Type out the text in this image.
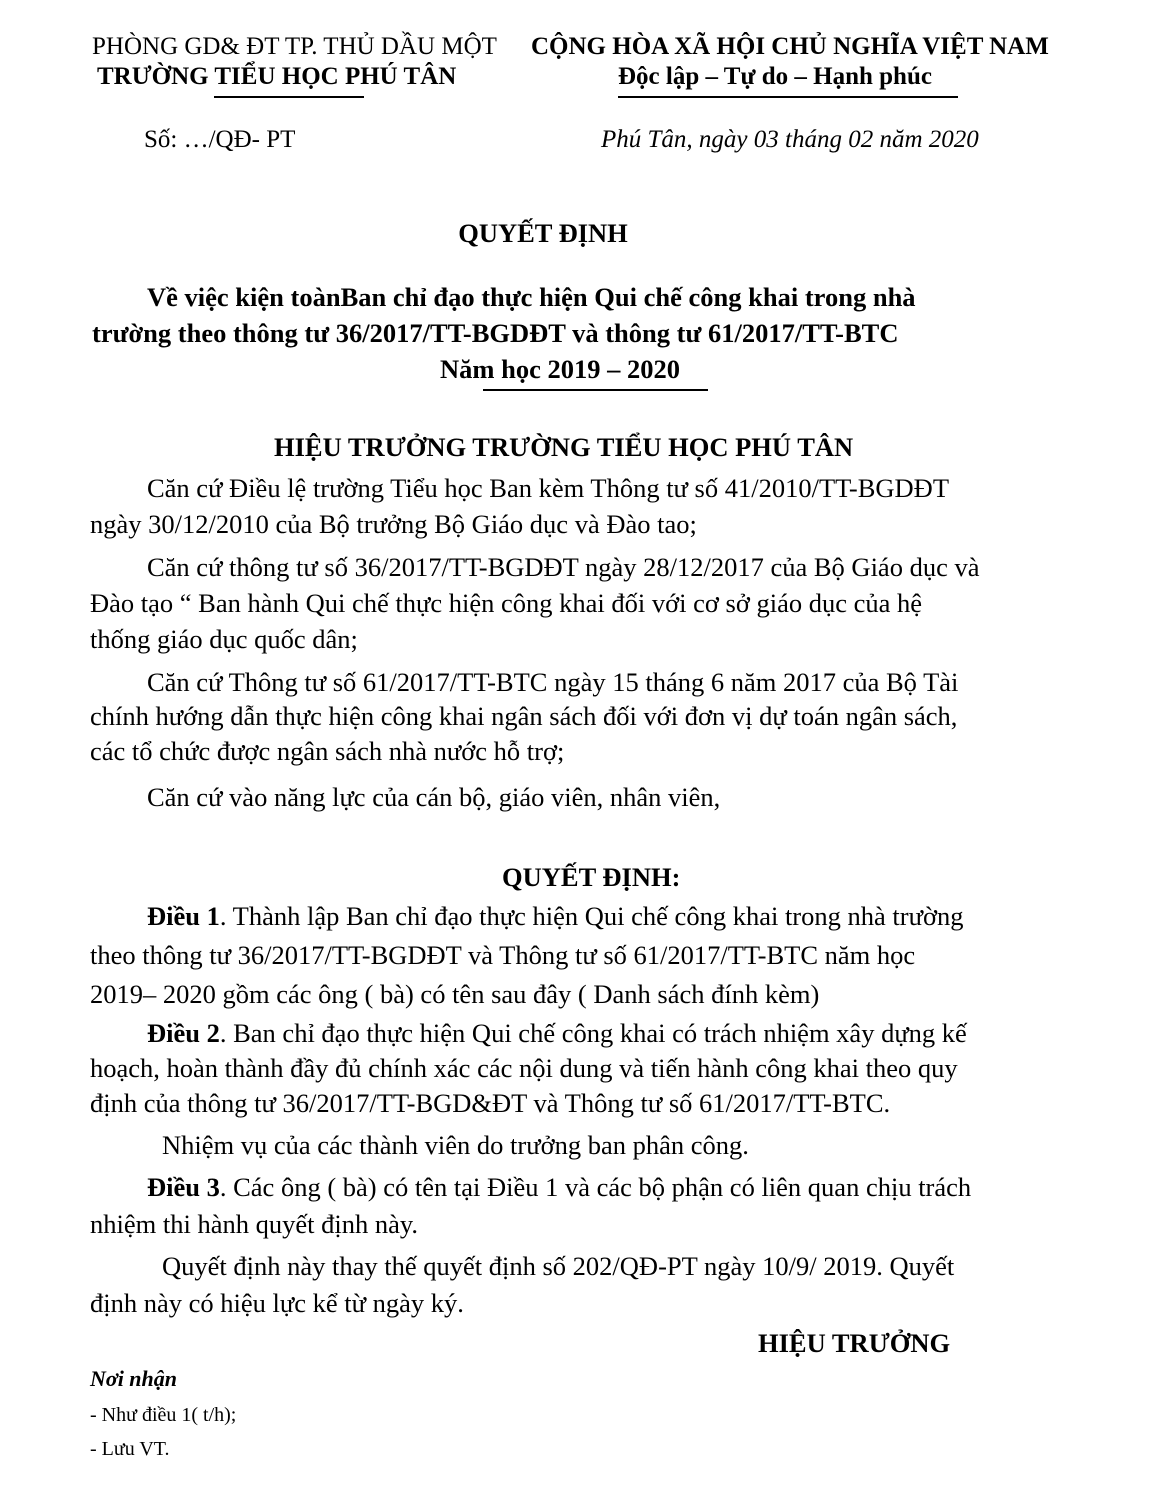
PHÒNG GD& ĐT TP. THỦ DẦU MỘT
TRƯỜNG TIỂU HỌC PHÚ TÂN
CỘNG HÒA XÃ HỘI CHỦ NGHĨA VIỆT NAM
Độc lập – Tự do – Hạnh phúc
Số: …/QĐ- PT	Phú Tân, ngày 03 tháng 02 năm 2020
QUYẾT ĐỊNH
Về việc kiện toànBan chỉ đạo thực hiện Qui chế công khai trong nhà
trường theo thông tư 36/2017/TT-BGDĐT và thông tư 61/2017/TT-BTC
Năm học 2019 – 2020
HIỆU TRƯỞNG TRƯỜNG TIỂU HỌC PHÚ TÂN
Căn cứ Điều lệ trường Tiểu học Ban kèm Thông tư số 41/2010/TT-BGDĐT
ngày 30/12/2010 của Bộ trưởng Bộ Giáo dục và Đào tao;
Căn cứ thông tư số 36/2017/TT-BGDĐT ngày 28/12/2017 của Bộ Giáo dục và
Đào tạo “ Ban hành Qui chế thực hiện công khai đối với cơ sở giáo dục của hệ
thống giáo dục quốc dân;
Căn cứ Thông tư số 61/2017/TT-BTC ngày 15 tháng 6 năm 2017 của Bộ Tài
chính hướng dẫn thực hiện công khai ngân sách đối với đơn vị dự toán ngân sách,
các tổ chức được ngân sách nhà nước hỗ trợ;
Căn cứ vào năng lực của cán bộ, giáo viên, nhân viên,
QUYẾT ĐỊNH:
Điều 1. Thành lập Ban chỉ đạo thực hiện Qui chế công khai trong nhà trường
theo thông tư 36/2017/TT-BGDĐT và Thông tư số 61/2017/TT-BTC năm học
2019– 2020 gồm các ông ( bà) có tên sau đây ( Danh sách đính kèm)
Điều 2. Ban chỉ đạo thực hiện Qui chế công khai có trách nhiệm xây dựng kế
hoạch, hoàn thành đầy đủ chính xác các nội dung và tiến hành công khai theo quy
định của thông tư 36/2017/TT-BGD&ĐT và Thông tư số 61/2017/TT-BTC.
Nhiệm vụ của các thành viên do trưởng ban phân công.
Điều 3. Các ông ( bà) có tên tại Điều 1 và các bộ phận có liên quan chịu trách
nhiệm thi hành quyết định này.
Quyết định này thay thế quyết định số 202/QĐ-PT ngày 10/9/ 2019. Quyết
định này có hiệu lực kể từ ngày ký.
HIỆU TRƯỞNG
Nơi nhận
- Như điều 1( t/h);
- Lưu VT.
